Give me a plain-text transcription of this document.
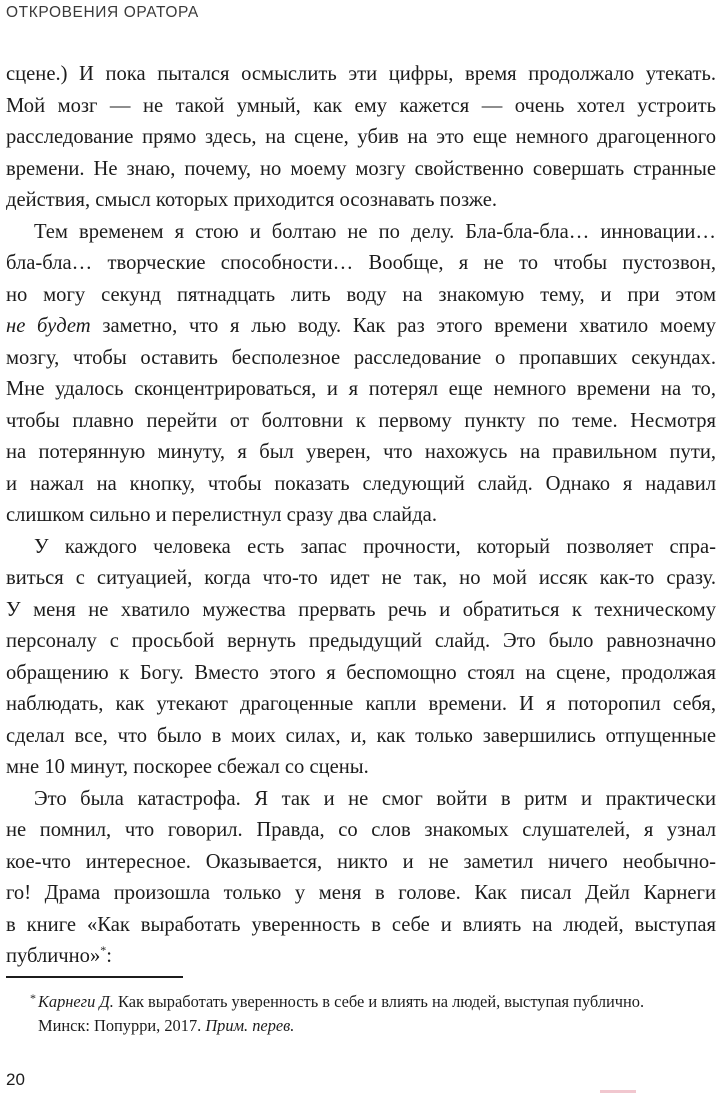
ОТКРОВЕНИЯ ОРАТОРА
сцене.) И пока пытался осмыслить эти цифры, время продолжало утекать.
Мой мозг — не такой умный, как ему кажется — очень хотел устроить
расследование прямо здесь, на сцене, убив на это еще немного драгоценного
времени. Не знаю, почему, но моему мозгу свойственно совершать странные
действия, смысл которых приходится осознавать позже.
Тем временем я стою и болтаю не по делу. Бла-бла-бла… инновации…
бла-бла… творческие способности… Вообще, я не то чтобы пустозвон,
но могу секунд пятнадцать лить воду на знакомую тему, и при этом
не будет заметно, что я лью воду. Как раз этого времени хватило моему
мозгу, чтобы оставить бесполезное расследование о пропавших секундах.
Мне удалось сконцентрироваться, и я потерял еще немного времени на то,
чтобы плавно перейти от болтовни к первому пункту по теме. Несмотря
на потерянную минуту, я был уверен, что нахожусь на правильном пути,
и нажал на кнопку, чтобы показать следующий слайд. Однако я надавил
слишком сильно и перелистнул сразу два слайда.
У каждого человека есть запас прочности, который позволяет спра-
виться с ситуацией, когда что-то идет не так, но мой иссяк как-то сразу.
У меня не хватило мужества прервать речь и обратиться к техническому
персоналу с просьбой вернуть предыдущий слайд. Это было равнозначно
обращению к Богу. Вместо этого я беспомощно стоял на сцене, продолжая
наблюдать, как утекают драгоценные капли времени. И я поторопил себя,
сделал все, что было в моих силах, и, как только завершились отпущенные
мне 10 минут, поскорее сбежал со сцены.
Это была катастрофа. Я так и не смог войти в ритм и практически
не помнил, что говорил. Правда, со слов знакомых слушателей, я узнал
кое-что интересное. Оказывается, никто и не заметил ничего необычно-
го! Драма произошла только у меня в голове. Как писал Дейл Карнеги
в книге «Как выработать уверенность в себе и влиять на людей, выступая
публично»*:
* Карнеги Д. Как выработать уверенность в себе и влиять на людей, выступая публично.
Минск: Попурри, 2017. Прим. перев.
20
